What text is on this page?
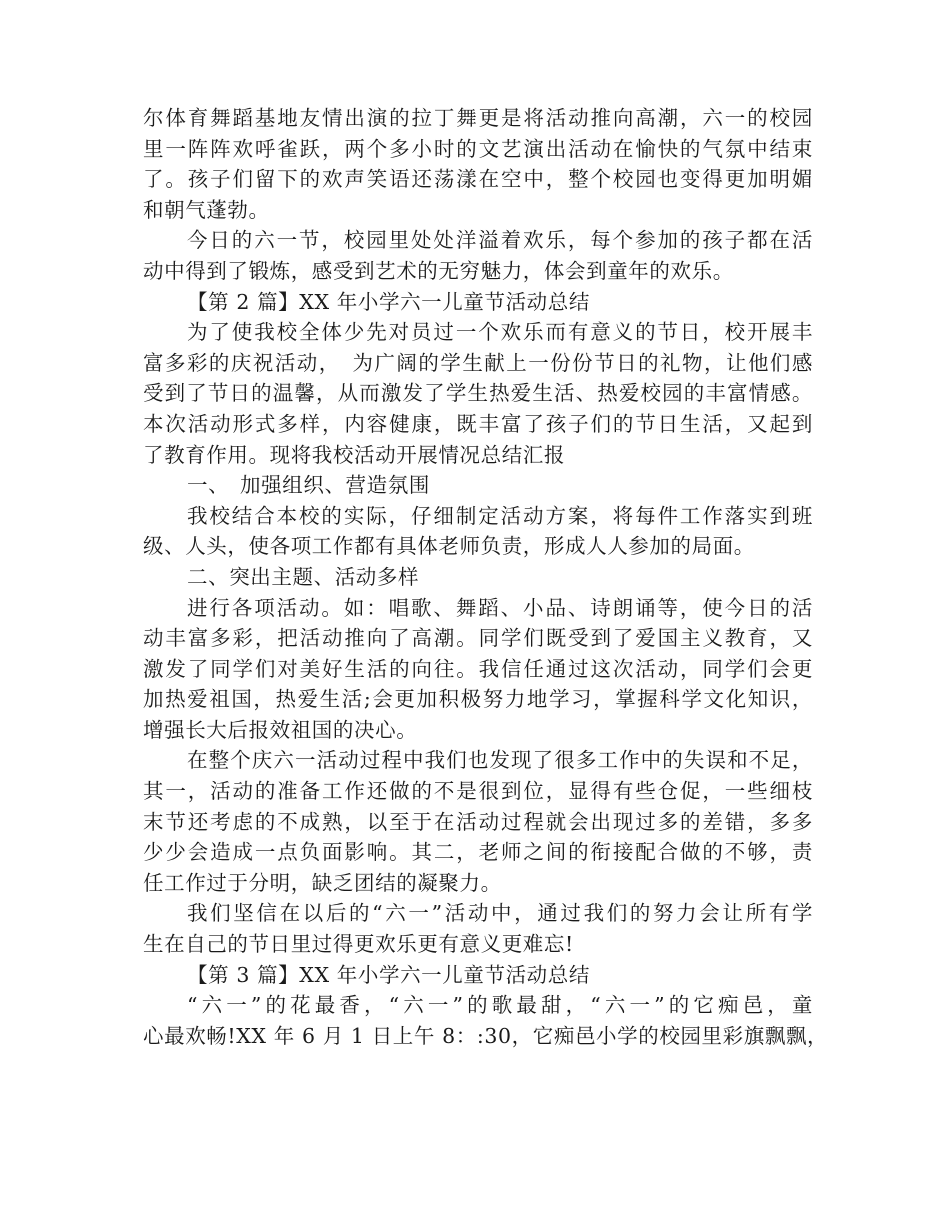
尔体育舞蹈基地友情出演的拉丁舞更是将活动推向高潮，六一的校园
里一阵阵欢呼雀跃，两个多小时的文艺演出活动在愉快的气氛中结束
了。孩子们留下的欢声笑语还荡漾在空中，整个校园也变得更加明媚
和朝气蓬勃。
今日的六一节，校园里处处洋溢着欢乐，每个参加的孩子都在活
动中得到了锻炼，感受到艺术的无穷魅力，体会到童年的欢乐。
【第 2 篇】XX 年小学六一儿童节活动总结
为了使我校全体少先对员过一个欢乐而有意义的节日，校开展丰
富多彩的庆祝活动，　为广阔的学生献上一份份节日的礼物，让他们感
受到了节日的温馨，从而激发了学生热爱生活、热爱校园的丰富情感。
本次活动形式多样，内容健康，既丰富了孩子们的节日生活，又起到
了教育作用。现将我校活动开展情况总结汇报
一、　加强组织、营造氛围
我校结合本校的实际，仔细制定活动方案，将每件工作落实到班
级、人头，使各项工作都有具体老师负责，形成人人参加的局面。
二、突出主题、活动多样
进行各项活动。如：唱歌、舞蹈、小品、诗朗诵等，使今日的活
动丰富多彩，把活动推向了高潮。同学们既受到了爱国主义教育，又
激发了同学们对美好生活的向往。我信任通过这次活动，同学们会更
加热爱祖国，热爱生活;会更加积极努力地学习，掌握科学文化知识，
增强长大后报效祖国的决心。
在整个庆六一活动过程中我们也发现了很多工作中的失误和不足，
其一，活动的准备工作还做的不是很到位，显得有些仓促，一些细枝
末节还考虑的不成熟，以至于在活动过程就会出现过多的差错，多多
少少会造成一点负面影响。其二，老师之间的衔接配合做的不够，责
任工作过于分明，缺乏团结的凝聚力。
我们坚信在以后的“六一”活动中，通过我们的努力会让所有学
生在自己的节日里过得更欢乐更有意义更难忘!
【第 3 篇】XX 年小学六一儿童节活动总结
“六一”的花最香，“六一”的歌最甜，“六一”的它痴邑，童
心最欢畅!XX 年 6 月 1 日上午 8：:30，它痴邑小学的校园里彩旗飘飘，
